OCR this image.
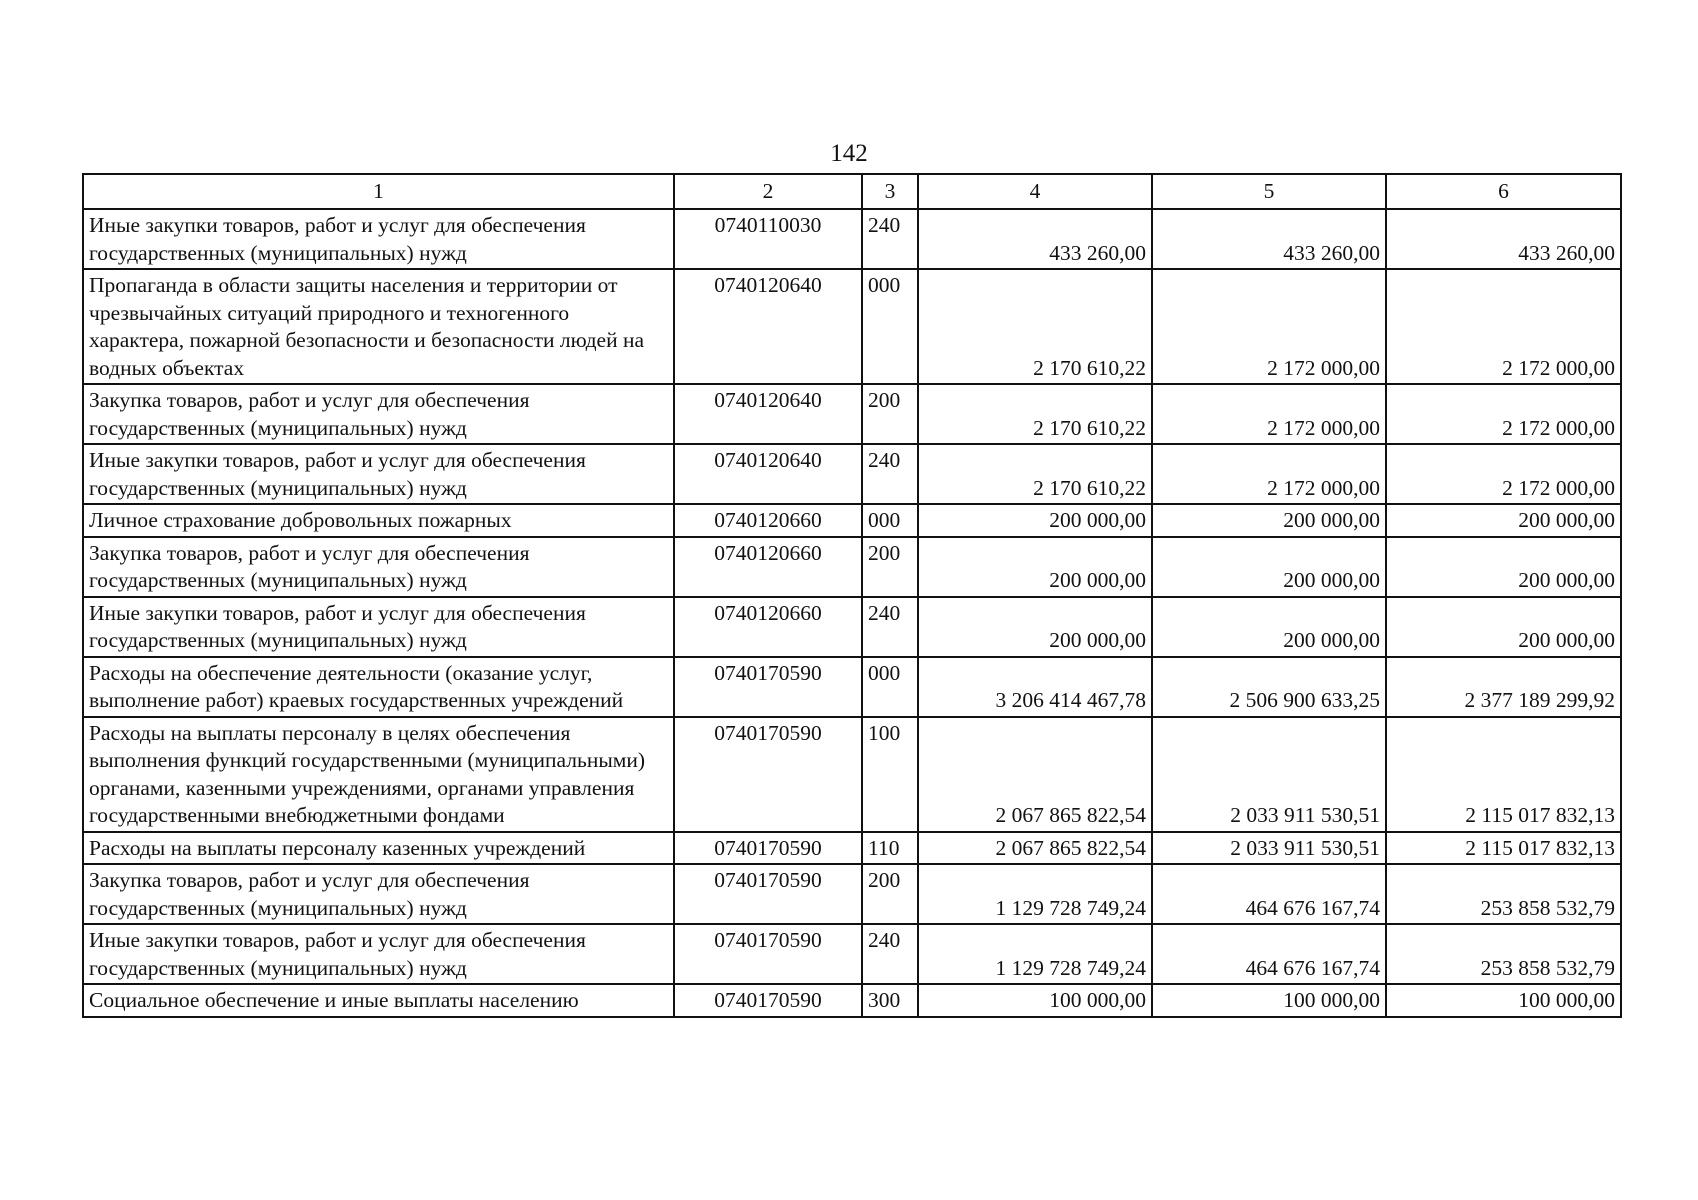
142
1	2	3	4	5	6
Иные закупки товаров, работ и услуг для обеспечения государственных (муниципальных) нужд	0740110030	240	433 260,00	433 260,00	433 260,00
Пропаганда в области защиты населения и территории от чрезвычайных ситуаций природного и техногенного характера, пожарной безопасности и безопасности людей на водных объектах	0740120640	000	2 170 610,22	2 172 000,00	2 172 000,00
Закупка товаров, работ и услуг для обеспечения государственных (муниципальных) нужд	0740120640	200	2 170 610,22	2 172 000,00	2 172 000,00
Иные закупки товаров, работ и услуг для обеспечения государственных (муниципальных) нужд	0740120640	240	2 170 610,22	2 172 000,00	2 172 000,00
Личное страхование добровольных пожарных	0740120660	000	200 000,00	200 000,00	200 000,00
Закупка товаров, работ и услуг для обеспечения государственных (муниципальных) нужд	0740120660	200	200 000,00	200 000,00	200 000,00
Иные закупки товаров, работ и услуг для обеспечения государственных (муниципальных) нужд	0740120660	240	200 000,00	200 000,00	200 000,00
Расходы на обеспечение деятельности (оказание услуг, выполнение работ) краевых государственных учреждений	0740170590	000	3 206 414 467,78	2 506 900 633,25	2 377 189 299,92
Расходы на выплаты персоналу в целях обеспечения выполнения функций государственными (муниципальными) органами, казенными учреждениями, органами управления государственными внебюджетными фондами	0740170590	100	2 067 865 822,54	2 033 911 530,51	2 115 017 832,13
Расходы на выплаты персоналу казенных учреждений	0740170590	110	2 067 865 822,54	2 033 911 530,51	2 115 017 832,13
Закупка товаров, работ и услуг для обеспечения государственных (муниципальных) нужд	0740170590	200	1 129 728 749,24	464 676 167,74	253 858 532,79
Иные закупки товаров, работ и услуг для обеспечения государственных (муниципальных) нужд	0740170590	240	1 129 728 749,24	464 676 167,74	253 858 532,79
Социальное обеспечение и иные выплаты населению	0740170590	300	100 000,00	100 000,00	100 000,00
